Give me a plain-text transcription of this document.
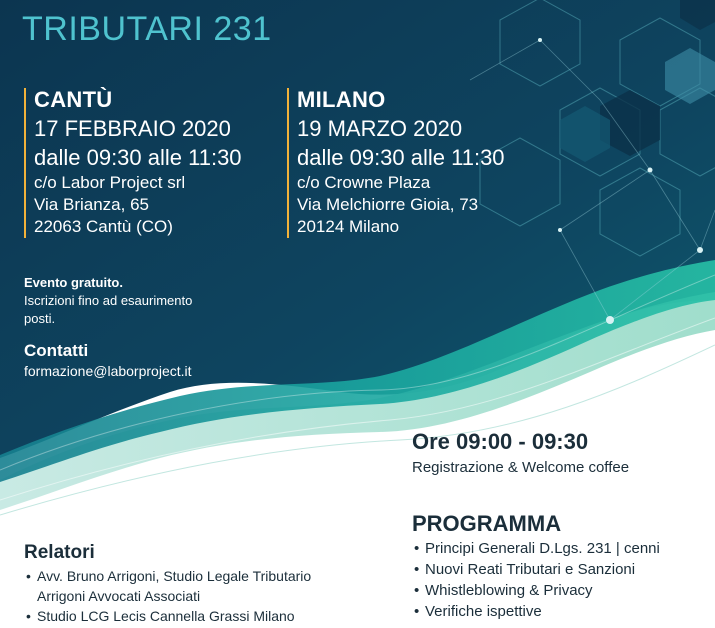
TRIBUTARI 231
CANTÙ
17 FEBBRAIO 2020
dalle 09:30 alle 11:30
c/o Labor Project srl
Via Brianza, 65
22063 Cantù (CO)
MILANO
19 MARZO 2020
dalle 09:30 alle 11:30
c/o Crowne Plaza
Via Melchiorre Gioia, 73
20124 Milano
Evento gratuito.
Iscrizioni fino ad esaurimento
posti.
Contatti
formazione@laborproject.it
Ore 09:00 - 09:30
Registrazione & Welcome coffee
PROGRAMMA
• Principi Generali D.Lgs. 231 | cenni
• Nuovi Reati Tributari e Sanzioni
• Whistleblowing & Privacy
• Verifiche ispettive
Relatori
• Avv. Bruno Arrigoni, Studio Legale Tributario
Arrigoni Avvocati Associati
• Studio LCG Lecis Cannella Grassi Milano
